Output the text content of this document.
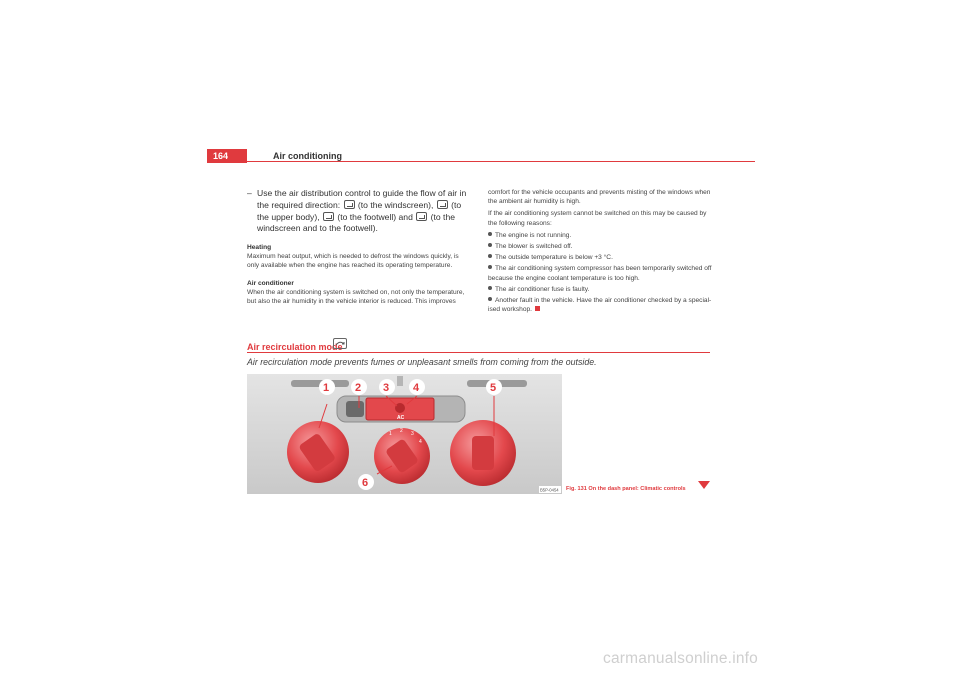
164	Air conditioning
– Use the air distribution control to guide the flow of air in the required direction:  (to the windscreen),  (to the upper body),  (to the footwell) and  (to the windscreen and to the footwell).
Heating
Maximum heat output, which is needed to defrost the windows quickly, is only available when the engine has reached its operating temperature.
Air conditioner
When the air conditioning system is switched on, not only the temperature, but also the air humidity in the vehicle interior is reduced. This improves
comfort for the vehicle occupants and prevents misting of the windows when the ambient air humidity is high.
If the air conditioning system cannot be switched on this may be caused by the following reasons:
The engine is not running.
The blower is switched off.
The outside temperature is below +3 °C.
The air conditioning system compressor has been temporarily switched off because the engine coolant temperature is too high.
The air conditioner fuse is faulty.
Another fault in the vehicle. Have the air conditioner checked by a special-ised workshop.
Air recirculation mode
Air recirculation mode prevents fumes or unpleasant smells from coming from the outside.
AC
1 2 3
4
1 2 3 4	5
6
B5P-0454 Fig. 131 On the dash panel: Climatic controls
carmanualsonline.info
